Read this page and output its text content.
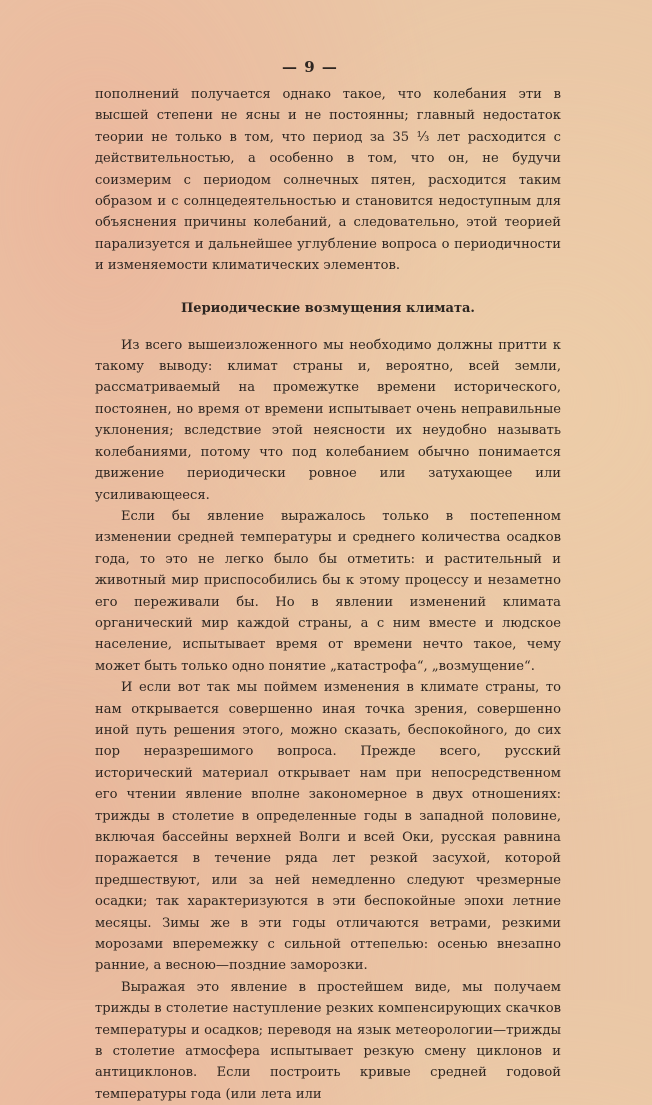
— 9 —

пополнений получается однако такое, что колебания эти в высшей степени не ясны и не постоянны; главный недостаток теории не только в том, что период за 35 ⅓ лет расходится с действительностью, а особенно в том, что он, не будучи соизмерим с периодом солнечных пятен, расходится таким образом и с солнцедеятельностью и становится недоступным для объяснения причины колебаний, а следовательно, этой теорией парализуется и дальнейшее углубление вопроса о периодичности и изменяемости климатических элементов.

Периодические возмущения климата.

Из всего вышеизложенного мы необходимо должны притти к такому выводу: климат страны и, вероятно, всей земли, рассматриваемый на промежутке времени исторического, постоянен, но время от времени испытывает очень неправильные уклонения; вследствие этой неясности их неудобно называть колебаниями, потому что под колебанием обычно понимается движение периодически ровное или затухающее или усиливающееся.

Если бы явление выражалось только в постепенном изменении средней температуры и среднего количества осадков года, то это не легко было бы отметить: и растительный и животный мир приспособились бы к этому процессу и незаметно его переживали бы. Но в явлении изменений климата органический мир каждой страны, а с ним вместе и людское население, испытывает время от времени нечто такое, чему может быть только одно понятие „катастрофа“, „возмущение“.

И если вот так мы поймем изменения в климате страны, то нам открывается совершенно иная точка зрения, совершенно иной путь решения этого, можно сказать, беспокойного, до сих пор неразрешимого вопроса. Прежде всего, русский исторический материал открывает нам при непосредственном его чтении явление вполне закономерное в двух отношениях: трижды в столетие в определенные годы в западной половине, включая бассейны верхней Волги и всей Оки, русская равнина поражается в течение ряда лет резкой засухой, которой предшествуют, или за ней немедленно следуют чрезмерные осадки; так характеризуются в эти беспокойные эпохи летние месяцы. Зимы же в эти годы отличаются ветрами, резкими морозами вперемежку с сильной оттепелью: осенью внезапно ранние, а весною—поздние заморозки.

Выражая это явление в простейшем виде, мы получаем трижды в столетие наступление резких компенсирующих скачков температуры и осадков; переводя на язык метеорологии—трижды в столетие атмосфера испытывает резкую смену циклонов и антициклонов. Если построить кривые средней годовой температуры года (или лета или
